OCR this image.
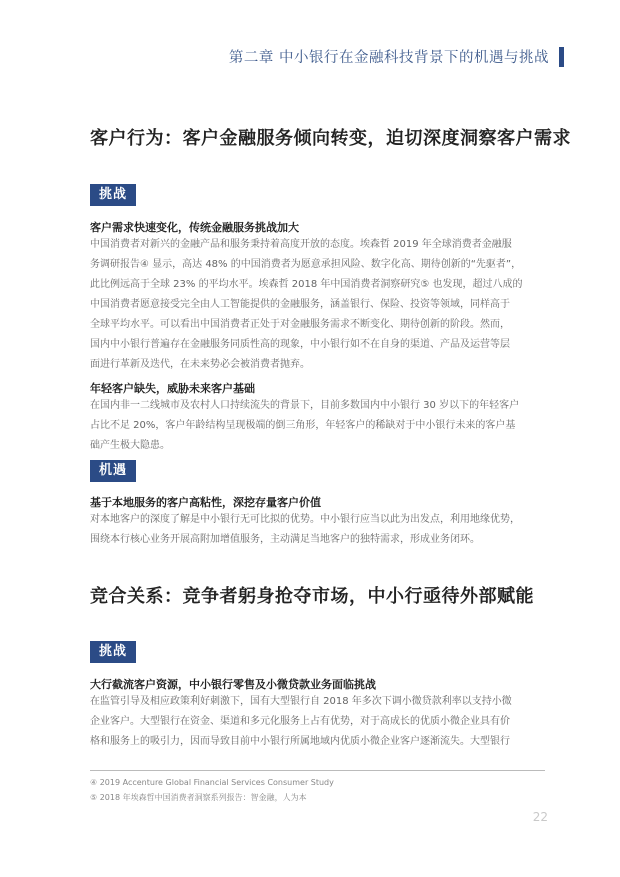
第二章 中小银行在金融科技背景下的机遇与挑战
客户行为：客户金融服务倾向转变，迫切深度洞察客户需求
挑战
客户需求快速变化，传统金融服务挑战加大
中国消费者对新兴的金融产品和服务秉持着高度开放的态度。埃森哲 2019 年全球消费者金融服
务调研报告④ 显示，高达 48% 的中国消费者为愿意承担风险、数字化高、期待创新的“先驱者”，
此比例远高于全球 23% 的平均水平。埃森哲 2018 年中国消费者洞察研究⑤ 也发现，超过八成的
中国消费者愿意接受完全由人工智能提供的金融服务，涵盖银行、保险、投资等领域，同样高于
全球平均水平。可以看出中国消费者正处于对金融服务需求不断变化、期待创新的阶段。然而，
国内中小银行普遍存在金融服务同质性高的现象，中小银行如不在自身的渠道、产品及运营等层
面进行革新及迭代，在未来势必会被消费者抛弃。
年轻客户缺失，威胁未来客户基础
在国内非一二线城市及农村人口持续流失的背景下，目前多数国内中小银行 30 岁以下的年轻客户
占比不足 20%，客户年龄结构呈现极端的倒三角形，年轻客户的稀缺对于中小银行未来的客户基
础产生极大隐患。
机遇
基于本地服务的客户高粘性，深挖存量客户价值
对本地客户的深度了解是中小银行无可比拟的优势。中小银行应当以此为出发点，利用地缘优势，
围绕本行核心业务开展高附加增值服务，主动满足当地客户的独特需求，形成业务闭环。
竞合关系：竞争者躬身抢夺市场，中小行亟待外部赋能
挑战
大行截流客户资源，中小银行零售及小微贷款业务面临挑战
在监管引导及相应政策利好刺激下，国有大型银行自 2018 年多次下调小微贷款利率以支持小微
企业客户。大型银行在资金、渠道和多元化服务上占有优势，对于高成长的优质小微企业具有价
格和服务上的吸引力，因而导致目前中小银行所属地域内优质小微企业客户逐渐流失。大型银行
④ 2019 Accenture Global Financial Services Consumer Study
⑤ 2018 年埃森哲中国消费者洞察系列报告：智金融，人为本
22
